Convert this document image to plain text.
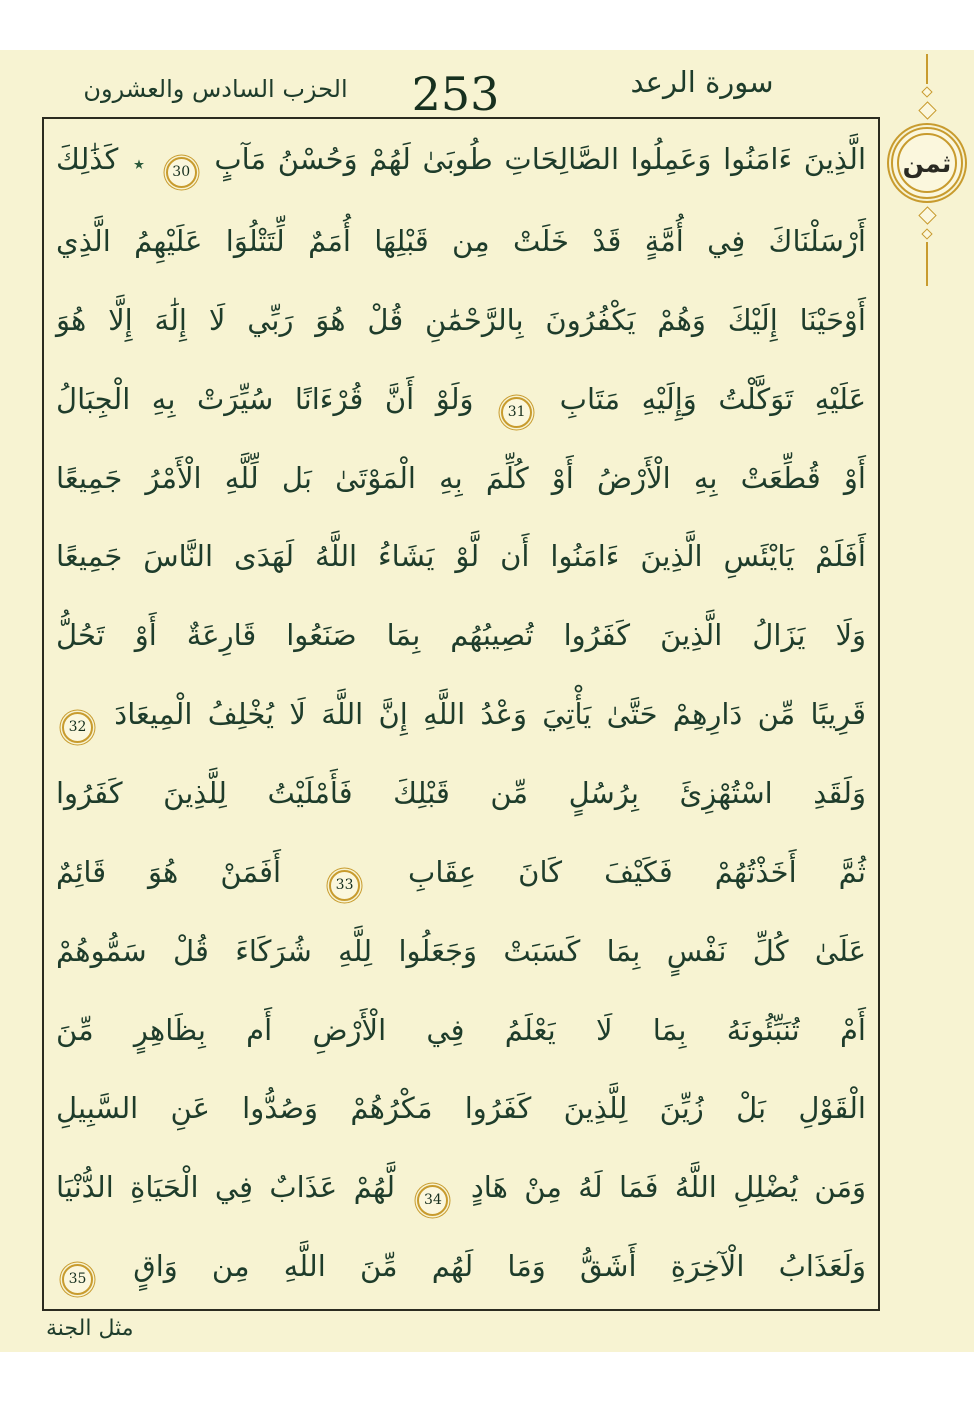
الحزب السادس والعشرون 253	سورة الرعد
ثمن
الَّذِينَ ءَامَنُوا وَعَمِلُوا الصَّالِحَاتِ طُوبَىٰ لَهُمْ وَحُسْنُ مَآبٍ 30 ٭ كَذَٰلِكَ
أَرْسَلْنَاكَ فِي أُمَّةٍ قَدْ خَلَتْ مِن قَبْلِهَا أُمَمٌ لِّتَتْلُوَا عَلَيْهِمُ الَّذِي
أَوْحَيْنَا إِلَيْكَ وَهُمْ يَكْفُرُونَ بِالرَّحْمَٰنِ قُلْ هُوَ رَبِّي لَا إِلَٰهَ إِلَّا هُوَ
عَلَيْهِ تَوَكَّلْتُ وَإِلَيْهِ مَتَابِ 31 وَلَوْ أَنَّ قُرْءَانًا سُيِّرَتْ بِهِ الْجِبَالُ
أَوْ قُطِّعَتْ بِهِ الْأَرْضُ أَوْ كُلِّمَ بِهِ الْمَوْتَىٰ بَل لِّلَّهِ الْأَمْرُ جَمِيعًا
أَفَلَمْ يَايْئَسِ الَّذِينَ ءَامَنُوا أَن لَّوْ يَشَاءُ اللَّهُ لَهَدَى النَّاسَ جَمِيعًا
وَلَا يَزَالُ الَّذِينَ كَفَرُوا تُصِيبُهُم بِمَا صَنَعُوا قَارِعَةٌ أَوْ تَحُلُّ
قَرِيبًا مِّن دَارِهِمْ حَتَّىٰ يَأْتِيَ وَعْدُ اللَّهِ إِنَّ اللَّهَ لَا يُخْلِفُ الْمِيعَادَ 32
وَلَقَدِ اسْتُهْزِئَ بِرُسُلٍ مِّن قَبْلِكَ فَأَمْلَيْتُ لِلَّذِينَ كَفَرُوا
ثُمَّ أَخَذْتُهُمْ فَكَيْفَ كَانَ عِقَابِ 33 أَفَمَنْ هُوَ قَائِمٌ
عَلَىٰ كُلِّ نَفْسٍ بِمَا كَسَبَتْ وَجَعَلُوا لِلَّهِ شُرَكَاءَ قُلْ سَمُّوهُمْ
أَمْ تُنَبِّئُونَهُ بِمَا لَا يَعْلَمُ فِي الْأَرْضِ أَم بِظَاهِرٍ مِّنَ
الْقَوْلِ بَلْ زُيِّنَ لِلَّذِينَ كَفَرُوا مَكْرُهُمْ وَصُدُّوا عَنِ السَّبِيلِ
وَمَن يُضْلِلِ اللَّهُ فَمَا لَهُ مِنْ هَادٍ 34 لَّهُمْ عَذَابٌ فِي الْحَيَاةِ الدُّنْيَا
وَلَعَذَابُ الْآخِرَةِ أَشَقُّ وَمَا لَهُم مِّنَ اللَّهِ مِن وَاقٍ 35
مثل الجنة
